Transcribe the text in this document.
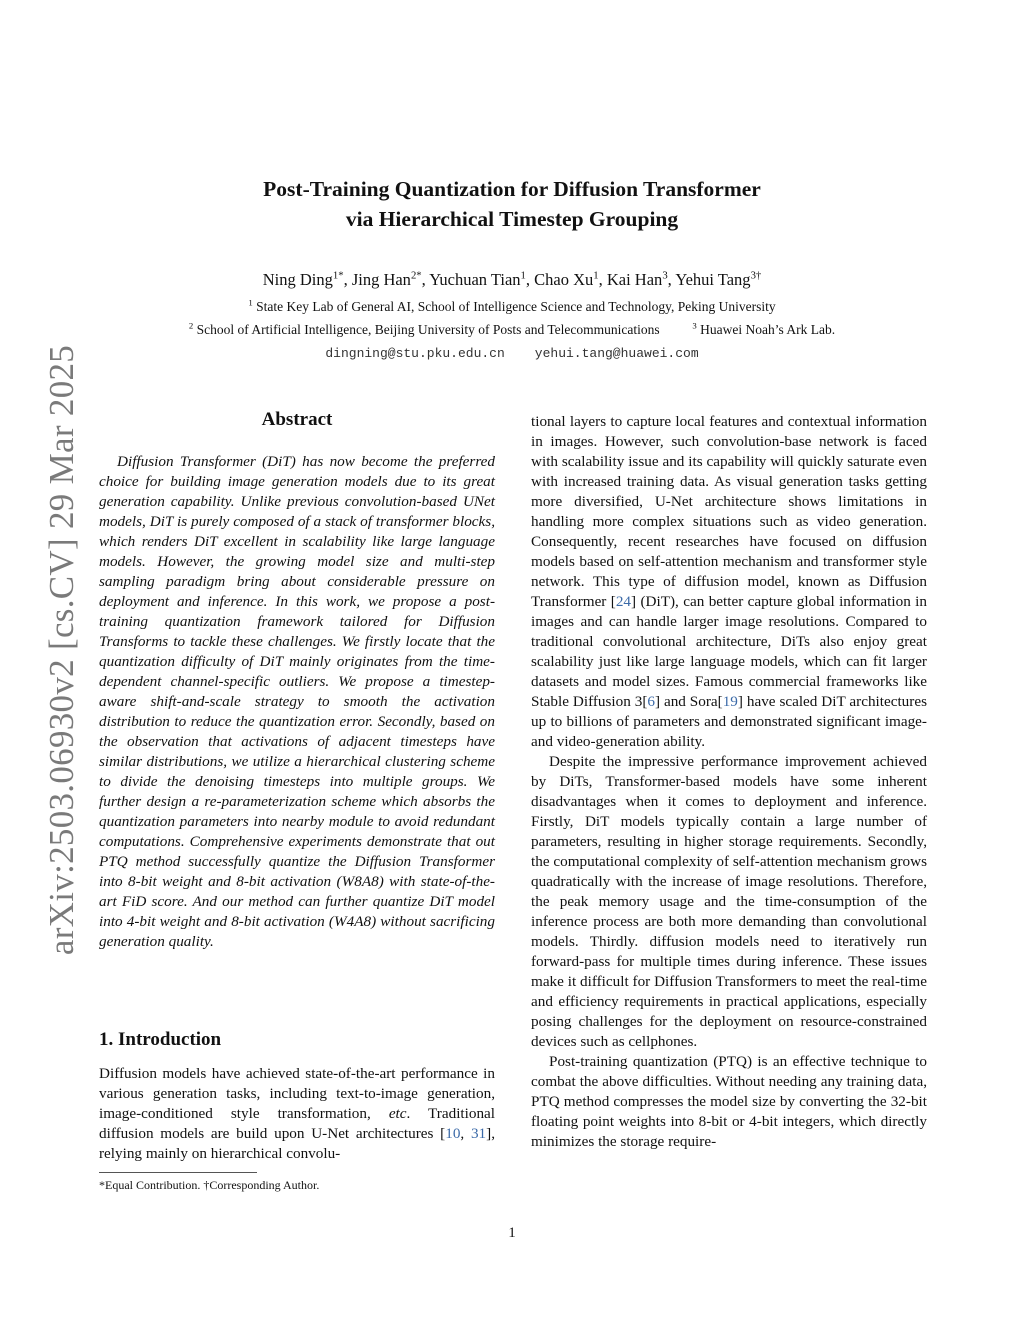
arXiv:2503.06930v2 [cs.CV] 29 Mar 2025
Post-Training Quantization for Diffusion Transformer
via Hierarchical Timestep Grouping
Ning Ding$^{1*}$, Jing Han$^{2*}$, Yuchuan Tian$^1$, Chao Xu$^1$, Kai Han$^3$, Yehui Tang$^{3\dagger}$
$^1$ State Key Lab of General AI, School of Intelligence Science and Technology, Peking University
$^2$ School of Artificial Intelligence, Beijing University of Posts and Telecommunications	$^3$ Huawei Noah’s Ark Lab.
dingning@stu.pku.edu.cn yehui.tang@huawei.com
Abstract

Diffusion Transformer (DiT) has now become the preferred choice for building image generation models due to its great generation capability. Unlike previous convolution-based UNet models, DiT is purely composed of a stack of transformer blocks, which renders DiT excellent in scalability like large language models. However, the growing model size and multi-step sampling paradigm bring about considerable pressure on deployment and inference. In this work, we propose a post-training quantization framework tailored for Diffusion Transforms to tackle these challenges. We firstly locate that the quantization difficulty of DiT mainly originates from the time-dependent channel-specific outliers. We propose a timestep-aware shift-and-scale strategy to smooth the activation distribution to reduce the quantization error. Secondly, based on the observation that activations of adjacent timesteps have similar distributions, we utilize a hierarchical clustering scheme to divide the denoising timesteps into multiple groups. We further design a re-parameterization scheme which absorbs the quantization parameters into nearby module to avoid redundant computations. Comprehensive experiments demonstrate that out PTQ method successfully quantize the Diffusion Transformer into 8-bit weight and 8-bit activation (W8A8) with state-of-the-art FiD score. And our method can further quantize DiT model into 4-bit weight and 8-bit activation (W4A8) without sacrificing generation quality.

1. Introduction

Diffusion models have achieved state-of-the-art performance in various generation tasks, including text-to-image generation, image-conditioned style transformation, etc. Traditional diffusion models are build upon U-Net architectures [10, 31], relying mainly on hierarchical convolu-

*Equal Contribution. †Corresponding Author.

tional layers to capture local features and contextual information in images. However, such convolution-base network is faced with scalability issue and its capability will quickly saturate even with increased training data. As visual generation tasks getting more diversified, U-Net architecture shows limitations in handling more complex situations such as video generation. Consequently, recent researches have focused on diffusion models based on self-attention mechanism and transformer style network. This type of diffusion model, known as Diffusion Transformer [24] (DiT), can better capture global information in images and can handle larger image resolutions. Compared to traditional convolutional architecture, DiTs also enjoy great scalability just like large language models, which can fit larger datasets and model sizes. Famous commercial frameworks like Stable Diffusion 3[6] and Sora[19] have scaled DiT architectures up to billions of parameters and demonstrated significant image- and video-generation ability.

Despite the impressive performance improvement achieved by DiTs, Transformer-based models have some inherent disadvantages when it comes to deployment and inference. Firstly, DiT models typically contain a large number of parameters, resulting in higher storage requirements. Secondly, the computational complexity of self-attention mechanism grows quadratically with the increase of image resolutions. Therefore, the peak memory usage and the time-consumption of the inference process are both more demanding than convolutional models. Thirdly. diffusion models need to iteratively run forward-pass for multiple times during inference. These issues make it difficult for Diffusion Transformers to meet the real-time and efficiency requirements in practical applications, especially posing challenges for the deployment on resource-constrained devices such as cellphones.

Post-training quantization (PTQ) is an effective technique to combat the above difficulties. Without needing any training data, PTQ method compresses the model size by converting the 32-bit floating point weights into 8-bit or 4-bit integers, which directly minimizes the storage require-

1
